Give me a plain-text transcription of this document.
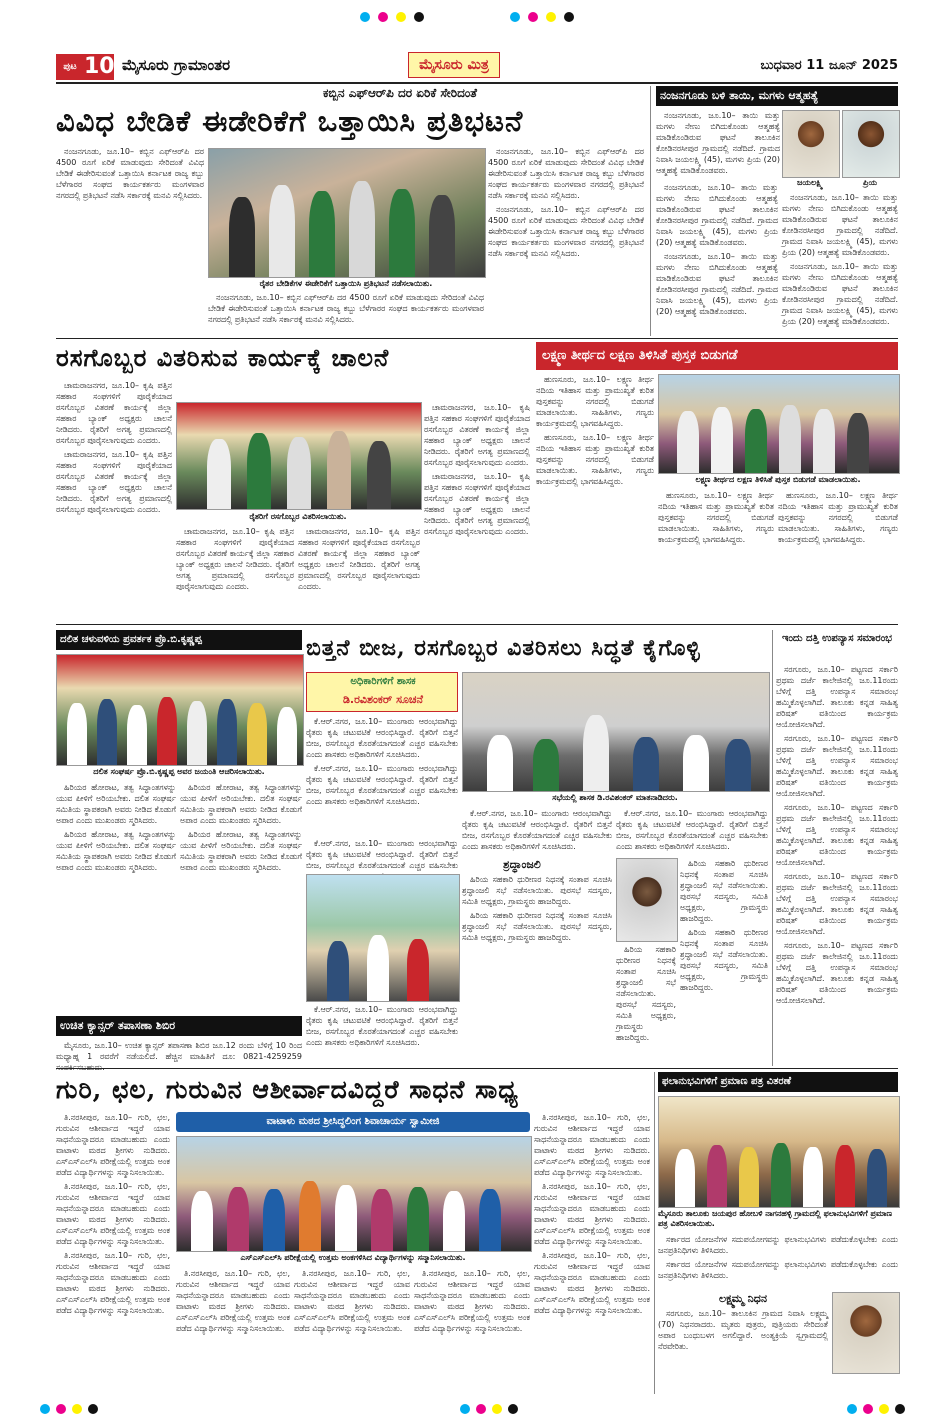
ಪುಟ 10 ಮೈಸೂರು ಗ್ರಾಮಾಂತರ	ಮೈಸೂರು ಮಿತ್ರ	ಬುಧವಾರ 11 ಜೂನ್ 2025
ಕಬ್ಬಿನ ಎಫ್‌ಆರ್‌ಪಿ ದರ ಏರಿಕೆ ಸೇರಿದಂತೆ
ವಿವಿಧ ಬೇಡಿಕೆ ಈಡೇರಿಕೆಗೆ ಒತ್ತಾಯಿಸಿ ಪ್ರತಿಭಟನೆ

ನಂಜನಗೂಡು, ಜೂ.10– ಕಬ್ಬಿನ ಎಫ್‌ಆರ್‌ಪಿ ದರ 4500 ರೂಗೆ ಏರಿಕೆ ಮಾಡುವುದು ಸೇರಿದಂತೆ ವಿವಿಧ ಬೇಡಿಕೆ ಈಡೇರಿಸುವಂತೆ ಒತ್ತಾಯಿಸಿ ಕರ್ನಾಟಕ ರಾಜ್ಯ ಕಬ್ಬು ಬೆಳೆಗಾರರ ಸಂಘದ ಕಾರ್ಯಕರ್ತರು ಮಂಗಳವಾರ ನಗರದಲ್ಲಿ ಪ್ರತಿಭಟನೆ ನಡೆಸಿ ಸರ್ಕಾರಕ್ಕೆ ಮನವಿ ಸಲ್ಲಿಸಿದರು.

ರೈತರ ಬೇಡಿಕೆಗಳ ಈಡೇರಿಕೆಗೆ ಒತ್ತಾಯಿಸಿ ಪ್ರತಿಭಟನೆ ನಡೆಸಲಾಯಿತು.

ನಂಜನಗೂಡು, ಜೂ.10– ಕಬ್ಬಿನ ಎಫ್‌ಆರ್‌ಪಿ ದರ 4500 ರೂಗೆ ಏರಿಕೆ ಮಾಡುವುದು ಸೇರಿದಂತೆ ವಿವಿಧ ಬೇಡಿಕೆ ಈಡೇರಿಸುವಂತೆ ಒತ್ತಾಯಿಸಿ ಕರ್ನಾಟಕ ರಾಜ್ಯ ಕಬ್ಬು ಬೆಳೆಗಾರರ ಸಂಘದ ಕಾರ್ಯಕರ್ತರು ಮಂಗಳವಾರ ನಗರದಲ್ಲಿ ಪ್ರತಿಭಟನೆ ನಡೆಸಿ ಸರ್ಕಾರಕ್ಕೆ ಮನವಿ ಸಲ್ಲಿಸಿದರು.

ನಂಜನಗೂಡು, ಜೂ.10– ಕಬ್ಬಿನ ಎಫ್‌ಆರ್‌ಪಿ ದರ 4500 ರೂಗೆ ಏರಿಕೆ ಮಾಡುವುದು ಸೇರಿದಂತೆ ವಿವಿಧ ಬೇಡಿಕೆ ಈಡೇರಿಸುವಂತೆ ಒತ್ತಾಯಿಸಿ ಕರ್ನಾಟಕ ರಾಜ್ಯ ಕಬ್ಬು ಬೆಳೆಗಾರರ ಸಂಘದ ಕಾರ್ಯಕರ್ತರು ಮಂಗಳವಾರ ನಗರದಲ್ಲಿ ಪ್ರತಿಭಟನೆ ನಡೆಸಿ ಸರ್ಕಾರಕ್ಕೆ ಮನವಿ ಸಲ್ಲಿಸಿದರು.

ನಂಜನಗೂಡು, ಜೂ.10– ಕಬ್ಬಿನ ಎಫ್‌ಆರ್‌ಪಿ ದರ 4500 ರೂಗೆ ಏರಿಕೆ ಮಾಡುವುದು ಸೇರಿದಂತೆ ವಿವಿಧ ಬೇಡಿಕೆ ಈಡೇರಿಸುವಂತೆ ಒತ್ತಾಯಿಸಿ ಕರ್ನಾಟಕ ರಾಜ್ಯ ಕಬ್ಬು ಬೆಳೆಗಾರರ ಸಂಘದ ಕಾರ್ಯಕರ್ತರು ಮಂಗಳವಾರ ನಗರದಲ್ಲಿ ಪ್ರತಿಭಟನೆ ನಡೆಸಿ ಸರ್ಕಾರಕ್ಕೆ ಮನವಿ ಸಲ್ಲಿಸಿದರು.

ನಂಜನಗೂಡು ಬಳಿ ತಾಯಿ, ಮಗಳು ಆತ್ಮಹತ್ಯೆ

ನಂಜನಗೂಡು, ಜೂ.10– ತಾಯಿ ಮತ್ತು ಮಗಳು ನೇಣು ಬಿಗಿದುಕೊಂಡು ಆತ್ಮಹತ್ಯೆ ಮಾಡಿಕೊಂಡಿರುವ ಘಟನೆ ತಾಲೂಕಿನ ಕೋಡಿನರಸೀಪುರ ಗ್ರಾಮದಲ್ಲಿ ನಡೆದಿದೆ. ಗ್ರಾಮದ ನಿವಾಸಿ ಜಯಲಕ್ಷ್ಮಿ (45), ಮಗಳು ಪ್ರಿಯ (20) ಆತ್ಮಹತ್ಯೆ ಮಾಡಿಕೊಂಡವರು.

ಜಯಲಕ್ಷ್ಮಿ	ಪ್ರಿಯ

ನಂಜನಗೂಡು, ಜೂ.10– ತಾಯಿ ಮತ್ತು ಮಗಳು ನೇಣು ಬಿಗಿದುಕೊಂಡು ಆತ್ಮಹತ್ಯೆ ಮಾಡಿಕೊಂಡಿರುವ ಘಟನೆ ತಾಲೂಕಿನ ಕೋಡಿನರಸೀಪುರ ಗ್ರಾಮದಲ್ಲಿ ನಡೆದಿದೆ. ಗ್ರಾಮದ ನಿವಾಸಿ ಜಯಲಕ್ಷ್ಮಿ (45), ಮಗಳು ಪ್ರಿಯ (20) ಆತ್ಮಹತ್ಯೆ ಮಾಡಿಕೊಂಡವರು.

ನಂಜನಗೂಡು, ಜೂ.10– ತಾಯಿ ಮತ್ತು ಮಗಳು ನೇಣು ಬಿಗಿದುಕೊಂಡು ಆತ್ಮಹತ್ಯೆ ಮಾಡಿಕೊಂಡಿರುವ ಘಟನೆ ತಾಲೂಕಿನ ಕೋಡಿನರಸೀಪುರ ಗ್ರಾಮದಲ್ಲಿ ನಡೆದಿದೆ. ಗ್ರಾಮದ ನಿವಾಸಿ ಜಯಲಕ್ಷ್ಮಿ (45), ಮಗಳು ಪ್ರಿಯ (20) ಆತ್ಮಹತ್ಯೆ ಮಾಡಿಕೊಂಡವರು.

ನಂಜನಗೂಡು, ಜೂ.10– ತಾಯಿ ಮತ್ತು ಮಗಳು ನೇಣು ಬಿಗಿದುಕೊಂಡು ಆತ್ಮಹತ್ಯೆ ಮಾಡಿಕೊಂಡಿರುವ ಘಟನೆ ತಾಲೂಕಿನ ಕೋಡಿನರಸೀಪುರ ಗ್ರಾಮದಲ್ಲಿ ನಡೆದಿದೆ. ಗ್ರಾಮದ ನಿವಾಸಿ ಜಯಲಕ್ಷ್ಮಿ (45), ಮಗಳು ಪ್ರಿಯ (20) ಆತ್ಮಹತ್ಯೆ ಮಾಡಿಕೊಂಡವರು.

ನಂಜನಗೂಡು, ಜೂ.10– ತಾಯಿ ಮತ್ತು ಮಗಳು ನೇಣು ಬಿಗಿದುಕೊಂಡು ಆತ್ಮಹತ್ಯೆ ಮಾಡಿಕೊಂಡಿರುವ ಘಟನೆ ತಾಲೂಕಿನ ಕೋಡಿನರಸೀಪುರ ಗ್ರಾಮದಲ್ಲಿ ನಡೆದಿದೆ. ಗ್ರಾಮದ ನಿವಾಸಿ ಜಯಲಕ್ಷ್ಮಿ (45), ಮಗಳು ಪ್ರಿಯ (20) ಆತ್ಮಹತ್ಯೆ ಮಾಡಿಕೊಂಡವರು.

ರಸಗೊಬ್ಬರ ವಿತರಿಸುವ ಕಾರ್ಯಕ್ಕೆ ಚಾಲನೆ

ಚಾಮರಾಜನಗರ, ಜೂ.10– ಕೃಷಿ ಪತ್ತಿನ ಸಹಕಾರ ಸಂಘಗಳಿಗೆ ಪೂರೈಕೆಯಾದ ರಸಗೊಬ್ಬರ ವಿತರಣೆ ಕಾರ್ಯಕ್ಕೆ ಜಿಲ್ಲಾ ಸಹಕಾರ ಬ್ಯಾಂಕ್ ಅಧ್ಯಕ್ಷರು ಚಾಲನೆ ನೀಡಿದರು. ರೈತರಿಗೆ ಅಗತ್ಯ ಪ್ರಮಾಣದಲ್ಲಿ ರಸಗೊಬ್ಬರ ಪೂರೈಸಲಾಗುವುದು ಎಂದರು.

ಚಾಮರಾಜನಗರ, ಜೂ.10– ಕೃಷಿ ಪತ್ತಿನ ಸಹಕಾರ ಸಂಘಗಳಿಗೆ ಪೂರೈಕೆಯಾದ ರಸಗೊಬ್ಬರ ವಿತರಣೆ ಕಾರ್ಯಕ್ಕೆ ಜಿಲ್ಲಾ ಸಹಕಾರ ಬ್ಯಾಂಕ್ ಅಧ್ಯಕ್ಷರು ಚಾಲನೆ ನೀಡಿದರು. ರೈತರಿಗೆ ಅಗತ್ಯ ಪ್ರಮಾಣದಲ್ಲಿ ರಸಗೊಬ್ಬರ ಪೂರೈಸಲಾಗುವುದು ಎಂದರು.

ರೈತರಿಗೆ ರಸಗೊಬ್ಬರ ವಿತರಿಸಲಾಯಿತು.

ಚಾಮರಾಜನಗರ, ಜೂ.10– ಕೃಷಿ ಪತ್ತಿನ ಸಹಕಾರ ಸಂಘಗಳಿಗೆ ಪೂರೈಕೆಯಾದ ರಸಗೊಬ್ಬರ ವಿತರಣೆ ಕಾರ್ಯಕ್ಕೆ ಜಿಲ್ಲಾ ಸಹಕಾರ ಬ್ಯಾಂಕ್ ಅಧ್ಯಕ್ಷರು ಚಾಲನೆ ನೀಡಿದರು. ರೈತರಿಗೆ ಅಗತ್ಯ ಪ್ರಮಾಣದಲ್ಲಿ ರಸಗೊಬ್ಬರ ಪೂರೈಸಲಾಗುವುದು ಎಂದರು.

ಚಾಮರಾಜನಗರ, ಜೂ.10– ಕೃಷಿ ಪತ್ತಿನ ಸಹಕಾರ ಸಂಘಗಳಿಗೆ ಪೂರೈಕೆಯಾದ ರಸಗೊಬ್ಬರ ವಿತರಣೆ ಕಾರ್ಯಕ್ಕೆ ಜಿಲ್ಲಾ ಸಹಕಾರ ಬ್ಯಾಂಕ್ ಅಧ್ಯಕ್ಷರು ಚಾಲನೆ ನೀಡಿದರು. ರೈತರಿಗೆ ಅಗತ್ಯ ಪ್ರಮಾಣದಲ್ಲಿ ರಸಗೊಬ್ಬರ ಪೂರೈಸಲಾಗುವುದು ಎಂದರು.

ಚಾಮರಾಜನಗರ, ಜೂ.10– ಕೃಷಿ ಪತ್ತಿನ ಸಹಕಾರ ಸಂಘಗಳಿಗೆ ಪೂರೈಕೆಯಾದ ರಸಗೊಬ್ಬರ ವಿತರಣೆ ಕಾರ್ಯಕ್ಕೆ ಜಿಲ್ಲಾ ಸಹಕಾರ ಬ್ಯಾಂಕ್ ಅಧ್ಯಕ್ಷರು ಚಾಲನೆ ನೀಡಿದರು. ರೈತರಿಗೆ ಅಗತ್ಯ ಪ್ರಮಾಣದಲ್ಲಿ ರಸಗೊಬ್ಬರ ಪೂರೈಸಲಾಗುವುದು ಎಂದರು.

ಚಾಮರಾಜನಗರ, ಜೂ.10– ಕೃಷಿ ಪತ್ತಿನ ಸಹಕಾರ ಸಂಘಗಳಿಗೆ ಪೂರೈಕೆಯಾದ ರಸಗೊಬ್ಬರ ವಿತರಣೆ ಕಾರ್ಯಕ್ಕೆ ಜಿಲ್ಲಾ ಸಹಕಾರ ಬ್ಯಾಂಕ್ ಅಧ್ಯಕ್ಷರು ಚಾಲನೆ ನೀಡಿದರು. ರೈತರಿಗೆ ಅಗತ್ಯ ಪ್ರಮಾಣದಲ್ಲಿ ರಸಗೊಬ್ಬರ ಪೂರೈಸಲಾಗುವುದು ಎಂದರು.

ಲಕ್ಷ್ಮಣ ತೀರ್ಥದ ಲಕ್ಷಣ ತಿಳಿಸಿತೆ ಪುಸ್ತಕ ಬಿಡುಗಡೆ

ಹುಣಸೂರು, ಜೂ.10– ಲಕ್ಷ್ಮಣ ತೀರ್ಥ ನದಿಯ ಇತಿಹಾಸ ಮತ್ತು ಪ್ರಾಮುಖ್ಯತೆ ಕುರಿತ ಪುಸ್ತಕವನ್ನು ನಗರದಲ್ಲಿ ಬಿಡುಗಡೆ ಮಾಡಲಾಯಿತು. ಸಾಹಿತಿಗಳು, ಗಣ್ಯರು ಕಾರ್ಯಕ್ರಮದಲ್ಲಿ ಭಾಗವಹಿಸಿದ್ದರು.

ಹುಣಸೂರು, ಜೂ.10– ಲಕ್ಷ್ಮಣ ತೀರ್ಥ ನದಿಯ ಇತಿಹಾಸ ಮತ್ತು ಪ್ರಾಮುಖ್ಯತೆ ಕುರಿತ ಪುಸ್ತಕವನ್ನು ನಗರದಲ್ಲಿ ಬಿಡುಗಡೆ ಮಾಡಲಾಯಿತು. ಸಾಹಿತಿಗಳು, ಗಣ್ಯರು ಕಾರ್ಯಕ್ರಮದಲ್ಲಿ ಭಾಗವಹಿಸಿದ್ದರು.	ಲಕ್ಷ್ಮಣ ತೀರ್ಥದ ಲಕ್ಷಣ ತಿಳಿಸಿತೆ ಪುಸ್ತಕ ಬಿಡುಗಡೆ ಮಾಡಲಾಯಿತು.

ಹುಣಸೂರು, ಜೂ.10– ಲಕ್ಷ್ಮಣ ತೀರ್ಥ ನದಿಯ ಇತಿಹಾಸ ಮತ್ತು ಪ್ರಾಮುಖ್ಯತೆ ಕುರಿತ ಪುಸ್ತಕವನ್ನು ನಗರದಲ್ಲಿ ಬಿಡುಗಡೆ ಮಾಡಲಾಯಿತು. ಸಾಹಿತಿಗಳು, ಗಣ್ಯರು ಕಾರ್ಯಕ್ರಮದಲ್ಲಿ ಭಾಗವಹಿಸಿದ್ದರು.

ಹುಣಸೂರು, ಜೂ.10– ಲಕ್ಷ್ಮಣ ತೀರ್ಥ ನದಿಯ ಇತಿಹಾಸ ಮತ್ತು ಪ್ರಾಮುಖ್ಯತೆ ಕುರಿತ ಪುಸ್ತಕವನ್ನು ನಗರದಲ್ಲಿ ಬಿಡುಗಡೆ ಮಾಡಲಾಯಿತು. ಸಾಹಿತಿಗಳು, ಗಣ್ಯರು ಕಾರ್ಯಕ್ರಮದಲ್ಲಿ ಭಾಗವಹಿಸಿದ್ದರು.

ದಲಿತ ಚಳುವಳಿಯ ಪ್ರವರ್ತಕ ಪ್ರೊ.ಬಿ.ಕೃಷ್ಣಪ್ಪ
ದಲಿತ ಸಂಘರ್ಷ ಪ್ರೊ.ಬಿ.ಕೃಷ್ಣಪ್ಪ ಅವರ ಜಯಂತಿ ಆಚರಿಸಲಾಯಿತು.

ಹಿರಿಯರ ಹೋರಾಟ, ತತ್ವ ಸಿದ್ಧಾಂತಗಳನ್ನು ಯುವ ಪೀಳಿಗೆ ಅರಿಯಬೇಕು. ದಲಿತ ಸಂಘರ್ಷ ಸಮಿತಿಯ ಸ್ಥಾಪಕರಾಗಿ ಅವರು ನೀಡಿದ ಕೊಡುಗೆ ಅಪಾರ ಎಂದು ಮುಖಂಡರು ಸ್ಮರಿಸಿದರು.

ಹಿರಿಯರ ಹೋರಾಟ, ತತ್ವ ಸಿದ್ಧಾಂತಗಳನ್ನು ಯುವ ಪೀಳಿಗೆ ಅರಿಯಬೇಕು. ದಲಿತ ಸಂಘರ್ಷ ಸಮಿತಿಯ ಸ್ಥಾಪಕರಾಗಿ ಅವರು ನೀಡಿದ ಕೊಡುಗೆ ಅಪಾರ ಎಂದು ಮುಖಂಡರು ಸ್ಮರಿಸಿದರು.

ಹಿರಿಯರ ಹೋರಾಟ, ತತ್ವ ಸಿದ್ಧಾಂತಗಳನ್ನು ಯುವ ಪೀಳಿಗೆ ಅರಿಯಬೇಕು. ದಲಿತ ಸಂಘರ್ಷ ಸಮಿತಿಯ ಸ್ಥಾಪಕರಾಗಿ ಅವರು ನೀಡಿದ ಕೊಡುಗೆ ಅಪಾರ ಎಂದು ಮುಖಂಡರು ಸ್ಮರಿಸಿದರು.

ಹಿರಿಯರ ಹೋರಾಟ, ತತ್ವ ಸಿದ್ಧಾಂತಗಳನ್ನು ಯುವ ಪೀಳಿಗೆ ಅರಿಯಬೇಕು. ದಲಿತ ಸಂಘರ್ಷ ಸಮಿತಿಯ ಸ್ಥಾಪಕರಾಗಿ ಅವರು ನೀಡಿದ ಕೊಡುಗೆ ಅಪಾರ ಎಂದು ಮುಖಂಡರು ಸ್ಮರಿಸಿದರು.

ಉಚಿತ ಕ್ಯಾನ್ಸರ್ ತಪಾಸಣಾ ಶಿಬಿರ
ಮೈಸೂರು, ಜೂ.10– ಉಚಿತ ಕ್ಯಾನ್ಸರ್ ತಪಾಸಣಾ ಶಿಬಿರ ಜೂ.12 ರಂದು ಬೆಳಿಗ್ಗೆ 10 ರಿಂದ ಮಧ್ಯಾಹ್ನ 1 ರವರೆಗೆ ನಡೆಯಲಿದೆ. ಹೆಚ್ಚಿನ ಮಾಹಿತಿಗೆ ದೂ: 0821-4259259
ಬಿತ್ತನೆ ಬೀಜ, ರಸಗೊಬ್ಬರ ವಿತರಿಸಲು ಸಿದ್ಧತೆ ಕೈಗೊಳ್ಳಿ
ಅಧಿಕಾರಿಗಳಿಗೆ ಶಾಸಕ
ಡಿ.ರವಿಶಂಕರ್ ಸೂಚನೆ

ಕೆ.ಆರ್.ನಗರ, ಜೂ.10– ಮುಂಗಾರು ಆರಂಭವಾಗಿದ್ದು ರೈತರು ಕೃಷಿ ಚಟುವಟಿಕೆ ಆರಂಭಿಸಿದ್ದಾರೆ. ರೈತರಿಗೆ ಬಿತ್ತನೆ ಬೀಜ, ರಸಗೊಬ್ಬರ ಕೊರತೆಯಾಗದಂತೆ ಎಚ್ಚರ ವಹಿಸಬೇಕು ಎಂದು ಶಾಸಕರು ಅಧಿಕಾರಿಗಳಿಗೆ ಸೂಚಿಸಿದರು.

ಕೆ.ಆರ್.ನಗರ, ಜೂ.10– ಮುಂಗಾರು ಆರಂಭವಾಗಿದ್ದು ರೈತರು ಕೃಷಿ ಚಟುವಟಿಕೆ ಆರಂಭಿಸಿದ್ದಾರೆ. ರೈತರಿಗೆ ಬಿತ್ತನೆ ಬೀಜ, ರಸಗೊಬ್ಬರ ಕೊರತೆಯಾಗದಂತೆ ಎಚ್ಚರ ವಹಿಸಬೇಕು ಎಂದು ಶಾಸಕರು ಅಧಿಕಾರಿಗಳಿಗೆ ಸೂಚಿಸಿದರು.	ಸಭೆಯಲ್ಲಿ ಶಾಸಕ ಡಿ.ರವಿಶಂಕರ್ ಮಾತನಾಡಿದರು.

ಕೆ.ಆರ್.ನಗರ, ಜೂ.10– ಮುಂಗಾರು ಆರಂಭವಾಗಿದ್ದು ರೈತರು ಕೃಷಿ ಚಟುವಟಿಕೆ ಆರಂಭಿಸಿದ್ದಾರೆ. ರೈತರಿಗೆ ಬಿತ್ತನೆ ಬೀಜ, ರಸಗೊಬ್ಬರ ಕೊರತೆಯಾಗದಂತೆ ಎಚ್ಚರ ವಹಿಸಬೇಕು ಎಂದು ಶಾಸಕರು ಅಧಿಕಾರಿಗಳಿಗೆ ಸೂಚಿಸಿದರು.

ಕೆ.ಆರ್.ನಗರ, ಜೂ.10– ಮುಂಗಾರು ಆರಂಭವಾಗಿದ್ದು ರೈತರು ಕೃಷಿ ಚಟುವಟಿಕೆ ಆರಂಭಿಸಿದ್ದಾರೆ. ರೈತರಿಗೆ ಬಿತ್ತನೆ ಬೀಜ, ರಸಗೊಬ್ಬರ ಕೊರತೆಯಾಗದಂತೆ ಎಚ್ಚರ ವಹಿಸಬೇಕು ಎಂದು ಶಾಸಕರು ಅಧಿಕಾರಿಗಳಿಗೆ ಸೂಚಿಸಿದರು.

ಕೆ.ಆರ್.ನಗರ, ಜೂ.10– ಮುಂಗಾರು ಆರಂಭವಾಗಿದ್ದು ರೈತರು ಕೃಷಿ ಚಟುವಟಿಕೆ ಆರಂಭಿಸಿದ್ದಾರೆ. ರೈತರಿಗೆ ಬಿತ್ತನೆ ಬೀಜ, ರಸಗೊಬ್ಬರ ಕೊರತೆಯಾಗದಂತೆ ಎಚ್ಚರ ವಹಿಸಬೇಕು	ಶ್ರದ್ಧಾಂಜಲಿ

ಹಿರಿಯ ಸಹಕಾರಿ ಧುರೀಣರ ನಿಧನಕ್ಕೆ ಸಂತಾಪ ಸೂಚಿಸಿ ಶ್ರದ್ಧಾಂಜಲಿ ಸಭೆ ನಡೆಸಲಾಯಿತು. ಪುರಸಭೆ ಸದಸ್ಯರು, ಸಮಿತಿ ಅಧ್ಯಕ್ಷರು, ಗ್ರಾಮಸ್ಥರು ಹಾಜರಿದ್ದರು.

ಹಿರಿಯ ಸಹಕಾರಿ ಧುರೀಣರ ನಿಧನಕ್ಕೆ ಸಂತಾಪ ಸೂಚಿಸಿ ಶ್ರದ್ಧಾಂಜಲಿ ಸಭೆ ನಡೆಸಲಾಯಿತು. ಪುರಸಭೆ ಸದಸ್ಯರು, ಸಮಿತಿ ಅಧ್ಯಕ್ಷರು, ಗ್ರಾಮಸ್ಥರು ಹಾಜರಿದ್ದರು.

ಹಿರಿಯ ಸಹಕಾರಿ ಧುರೀಣರ ನಿಧನಕ್ಕೆ ಸಂತಾಪ ಸೂಚಿಸಿ ಶ್ರದ್ಧಾಂಜಲಿ ಸಭೆ ನಡೆಸಲಾಯಿತು. ಪುರಸಭೆ ಸದಸ್ಯರು, ಸಮಿತಿ ಅಧ್ಯಕ್ಷರು, ಗ್ರಾಮಸ್ಥರು ಹಾಜರಿದ್ದರು.

ಹಿರಿಯ ಸಹಕಾರಿ ಧುರೀಣರ ನಿಧನಕ್ಕೆ ಸಂತಾಪ ಸೂಚಿಸಿ ಶ್ರದ್ಧಾಂಜಲಿ ಸಭೆ ನಡೆಸಲಾಯಿತು. ಪುರಸಭೆ ಸದಸ್ಯರು, ಸಮಿತಿ ಅಧ್ಯಕ್ಷರು, ಗ್ರಾಮಸ್ಥರು ಹಾಜರಿದ್ದರು.

ಹಿರಿಯ ಸಹಕಾರಿ ಧುರೀಣರ ನಿಧನಕ್ಕೆ ಸಂತಾಪ ಸೂಚಿಸಿ ಶ್ರದ್ಧಾಂಜಲಿ ಸಭೆ ನಡೆಸಲಾಯಿತು. ಪುರಸಭೆ ಸದಸ್ಯರು, ಸಮಿತಿ ಅಧ್ಯಕ್ಷರು, ಗ್ರಾಮಸ್ಥರು ಹಾಜರಿದ್ದರು.

ಕೆ.ಆರ್.ನಗರ, ಜೂ.10– ಮುಂಗಾರು ಆರಂಭವಾಗಿದ್ದು ರೈತರು ಕೃಷಿ ಚಟುವಟಿಕೆ ಆರಂಭಿಸಿದ್ದಾರೆ. ರೈತರಿಗೆ ಬಿತ್ತನೆ ಬೀಜ, ರಸಗೊಬ್ಬರ ಕೊರತೆಯಾಗದಂತೆ ಎಚ್ಚರ ವಹಿಸಬೇಕು ಎಂದು ಶಾಸಕರು ಅಧಿಕಾರಿಗಳಿಗೆ ಸೂಚಿಸಿದರು.

ಇಂದು ದತ್ತಿ ಉಪನ್ಯಾಸ ಸಮಾರಂಭ

ಸರಗೂರು, ಜೂ.10– ಪಟ್ಟಣದ ಸರ್ಕಾರಿ ಪ್ರಥಮ ದರ್ಜೆ ಕಾಲೇಜಿನಲ್ಲಿ ಜೂ.11ರಂದು ಬೆಳಿಗ್ಗೆ ದತ್ತಿ ಉಪನ್ಯಾಸ ಸಮಾರಂಭ ಹಮ್ಮಿಕೊಳ್ಳಲಾಗಿದೆ. ತಾಲೂಕು ಕನ್ನಡ ಸಾಹಿತ್ಯ ಪರಿಷತ್ ವತಿಯಿಂದ ಕಾರ್ಯಕ್ರಮ ಆಯೋಜಿಸಲಾಗಿದೆ.

ಸರಗೂರು, ಜೂ.10– ಪಟ್ಟಣದ ಸರ್ಕಾರಿ ಪ್ರಥಮ ದರ್ಜೆ ಕಾಲೇಜಿನಲ್ಲಿ ಜೂ.11ರಂದು ಬೆಳಿಗ್ಗೆ ದತ್ತಿ ಉಪನ್ಯಾಸ ಸಮಾರಂಭ ಹಮ್ಮಿಕೊಳ್ಳಲಾಗಿದೆ. ತಾಲೂಕು ಕನ್ನಡ ಸಾಹಿತ್ಯ ಪರಿಷತ್ ವತಿಯಿಂದ ಕಾರ್ಯಕ್ರಮ ಆಯೋಜಿಸಲಾಗಿದೆ.

ಸರಗೂರು, ಜೂ.10– ಪಟ್ಟಣದ ಸರ್ಕಾರಿ ಪ್ರಥಮ ದರ್ಜೆ ಕಾಲೇಜಿನಲ್ಲಿ ಜೂ.11ರಂದು ಬೆಳಿಗ್ಗೆ ದತ್ತಿ ಉಪನ್ಯಾಸ ಸಮಾರಂಭ ಹಮ್ಮಿಕೊಳ್ಳಲಾಗಿದೆ. ತಾಲೂಕು ಕನ್ನಡ ಸಾಹಿತ್ಯ ಪರಿಷತ್ ವತಿಯಿಂದ ಕಾರ್ಯಕ್ರಮ ಆಯೋಜಿಸಲಾಗಿದೆ.

ಸರಗೂರು, ಜೂ.10– ಪಟ್ಟಣದ ಸರ್ಕಾರಿ ಪ್ರಥಮ ದರ್ಜೆ ಕಾಲೇಜಿನಲ್ಲಿ ಜೂ.11ರಂದು ಬೆಳಿಗ್ಗೆ ದತ್ತಿ ಉಪನ್ಯಾಸ ಸಮಾರಂಭ ಹಮ್ಮಿಕೊಳ್ಳಲಾಗಿದೆ. ತಾಲೂಕು ಕನ್ನಡ ಸಾಹಿತ್ಯ ಪರಿಷತ್ ವತಿಯಿಂದ ಕಾರ್ಯಕ್ರಮ ಆಯೋಜಿಸಲಾಗಿದೆ.

ಸರಗೂರು, ಜೂ.10– ಪಟ್ಟಣದ ಸರ್ಕಾರಿ ಪ್ರಥಮ ದರ್ಜೆ ಕಾಲೇಜಿನಲ್ಲಿ ಜೂ.11ರಂದು ಬೆಳಿಗ್ಗೆ ದತ್ತಿ ಉಪನ್ಯಾಸ ಸಮಾರಂಭ ಹಮ್ಮಿಕೊಳ್ಳಲಾಗಿದೆ. ತಾಲೂಕು ಕನ್ನಡ ಸಾಹಿತ್ಯ ಪರಿಷತ್ ವತಿಯಿಂದ ಕಾರ್ಯಕ್ರಮ ಆಯೋಜಿಸಲಾಗಿದೆ.

ಗುರಿ, ಛಲ, ಗುರುವಿನ ಆಶೀರ್ವಾದವಿದ್ದರೆ ಸಾಧನೆ ಸಾಧ್ಯ

ತಿ.ನರಸೀಪುರ, ಜೂ.10– ಗುರಿ, ಛಲ, ಗುರುವಿನ ಆಶೀರ್ವಾದ ಇದ್ದರೆ ಯಾವ ಸಾಧನೆಯನ್ನಾದರೂ ಮಾಡಬಹುದು ಎಂದು ವಾಟಾಳು ಮಠದ ಶ್ರೀಗಳು ನುಡಿದರು. ಎಸ್ಎಸ್ಎಲ್‌ಸಿ ಪರೀಕ್ಷೆಯಲ್ಲಿ ಉತ್ತಮ ಅಂಕ ಪಡೆದ ವಿದ್ಯಾರ್ಥಿಗಳನ್ನು ಸನ್ಮಾನಿಸಲಾಯಿತು.

ತಿ.ನರಸೀಪುರ, ಜೂ.10– ಗುರಿ, ಛಲ, ಗುರುವಿನ ಆಶೀರ್ವಾದ ಇದ್ದರೆ ಯಾವ ಸಾಧನೆಯನ್ನಾದರೂ ಮಾಡಬಹುದು ಎಂದು ವಾಟಾಳು ಮಠದ ಶ್ರೀಗಳು ನುಡಿದರು. ಎಸ್ಎಸ್ಎಲ್‌ಸಿ ಪರೀಕ್ಷೆಯಲ್ಲಿ ಉತ್ತಮ ಅಂಕ ಪಡೆದ ವಿದ್ಯಾರ್ಥಿಗಳನ್ನು ಸನ್ಮಾನಿಸಲಾಯಿತು.

ತಿ.ನರಸೀಪುರ, ಜೂ.10– ಗುರಿ, ಛಲ, ಗುರುವಿನ ಆಶೀರ್ವಾದ ಇದ್ದರೆ ಯಾವ ಸಾಧನೆಯನ್ನಾದರೂ ಮಾಡಬಹುದು ಎಂದು ವಾಟಾಳು ಮಠದ ಶ್ರೀಗಳು ನುಡಿದರು. ಎಸ್ಎಸ್ಎಲ್‌ಸಿ ಪರೀಕ್ಷೆಯಲ್ಲಿ ಉತ್ತಮ ಅಂಕ ಪಡೆದ ವಿದ್ಯಾರ್ಥಿಗಳನ್ನು ಸನ್ಮಾನಿಸಲಾಯಿತು.

ವಾಟಾಳು ಮಠದ ಶ್ರೀಸಿದ್ಧಲಿಂಗ ಶಿವಾಚಾರ್ಯ ಸ್ವಾಮೀಜಿ
ಎಸ್ಎಸ್ಎಲ್‌ಸಿ ಪರೀಕ್ಷೆಯಲ್ಲಿ ಉತ್ತಮ ಅಂಕಗಳಿಸಿದ ವಿದ್ಯಾರ್ಥಿಗಳನ್ನು ಸನ್ಮಾನಿಸಲಾಯಿತು.

ತಿ.ನರಸೀಪುರ, ಜೂ.10– ಗುರಿ, ಛಲ, ಗುರುವಿನ ಆಶೀರ್ವಾದ ಇದ್ದರೆ ಯಾವ ಸಾಧನೆಯನ್ನಾದರೂ ಮಾಡಬಹುದು ಎಂದು ವಾಟಾಳು ಮಠದ ಶ್ರೀಗಳು ನುಡಿದರು. ಎಸ್ಎಸ್ಎಲ್‌ಸಿ ಪರೀಕ್ಷೆಯಲ್ಲಿ ಉತ್ತಮ ಅಂಕ ಪಡೆದ ವಿದ್ಯಾರ್ಥಿಗಳನ್ನು ಸನ್ಮಾನಿಸಲಾಯಿತು.

ತಿ.ನರಸೀಪುರ, ಜೂ.10– ಗುರಿ, ಛಲ, ಗುರುವಿನ ಆಶೀರ್ವಾದ ಇದ್ದರೆ ಯಾವ ಸಾಧನೆಯನ್ನಾದರೂ ಮಾಡಬಹುದು ಎಂದು ವಾಟಾಳು ಮಠದ ಶ್ರೀಗಳು ನುಡಿದರು. ಎಸ್ಎಸ್ಎಲ್‌ಸಿ ಪರೀಕ್ಷೆಯಲ್ಲಿ ಉತ್ತಮ ಅಂಕ ಪಡೆದ ವಿದ್ಯಾರ್ಥಿಗಳನ್ನು ಸನ್ಮಾನಿಸಲಾಯಿತು.

ತಿ.ನರಸೀಪುರ, ಜೂ.10– ಗುರಿ, ಛಲ, ಗುರುವಿನ ಆಶೀರ್ವಾದ ಇದ್ದರೆ ಯಾವ ಸಾಧನೆಯನ್ನಾದರೂ ಮಾಡಬಹುದು ಎಂದು ವಾಟಾಳು ಮಠದ ಶ್ರೀಗಳು ನುಡಿದರು. ಎಸ್ಎಸ್ಎಲ್‌ಸಿ ಪರೀಕ್ಷೆಯಲ್ಲಿ ಉತ್ತಮ ಅಂಕ ಪಡೆದ ವಿದ್ಯಾರ್ಥಿಗಳನ್ನು ಸನ್ಮಾನಿಸಲಾಯಿತು.

ತಿ.ನರಸೀಪುರ, ಜೂ.10– ಗುರಿ, ಛಲ, ಗುರುವಿನ ಆಶೀರ್ವಾದ ಇದ್ದರೆ ಯಾವ ಸಾಧನೆಯನ್ನಾದರೂ ಮಾಡಬಹುದು ಎಂದು ವಾಟಾಳು ಮಠದ ಶ್ರೀಗಳು ನುಡಿದರು. ಎಸ್ಎಸ್ಎಲ್‌ಸಿ ಪರೀಕ್ಷೆಯಲ್ಲಿ ಉತ್ತಮ ಅಂಕ ಪಡೆದ ವಿದ್ಯಾರ್ಥಿಗಳನ್ನು ಸನ್ಮಾನಿಸಲಾಯಿತು.

ತಿ.ನರಸೀಪುರ, ಜೂ.10– ಗುರಿ, ಛಲ, ಗುರುವಿನ ಆಶೀರ್ವಾದ ಇದ್ದರೆ ಯಾವ ಸಾಧನೆಯನ್ನಾದರೂ ಮಾಡಬಹುದು ಎಂದು ವಾಟಾಳು ಮಠದ ಶ್ರೀಗಳು ನುಡಿದರು. ಎಸ್ಎಸ್ಎಲ್‌ಸಿ ಪರೀಕ್ಷೆಯಲ್ಲಿ ಉತ್ತಮ ಅಂಕ ಪಡೆದ ವಿದ್ಯಾರ್ಥಿಗಳನ್ನು ಸನ್ಮಾನಿಸಲಾಯಿತು.

ತಿ.ನರಸೀಪುರ, ಜೂ.10– ಗುರಿ, ಛಲ, ಗುರುವಿನ ಆಶೀರ್ವಾದ ಇದ್ದರೆ ಯಾವ ಸಾಧನೆಯನ್ನಾದರೂ ಮಾಡಬಹುದು ಎಂದು ವಾಟಾಳು ಮಠದ ಶ್ರೀಗಳು ನುಡಿದರು. ಎಸ್ಎಸ್ಎಲ್‌ಸಿ ಪರೀಕ್ಷೆಯಲ್ಲಿ ಉತ್ತಮ ಅಂಕ ಪಡೆದ ವಿದ್ಯಾರ್ಥಿಗಳನ್ನು ಸನ್ಮಾನಿಸಲಾಯಿತು.

ಫಲಾನುಭವಿಗಳಿಗೆ ಪ್ರಮಾಣ ಪತ್ರ ವಿತರಣೆ
ಮೈಸೂರು ತಾಲೂಕು ಜಯಪುರ ಹೋಬಳಿ ನಾಗನಹಳ್ಳಿ ಗ್ರಾಮದಲ್ಲಿ ಫಲಾನುಭವಿಗಳಿಗೆ ಪ್ರಮಾಣ ಪತ್ರ ವಿತರಿಸಲಾಯಿತು.

ಸರ್ಕಾರದ ಯೋಜನೆಗಳ ಸದುಪಯೋಗವನ್ನು ಫಲಾನುಭವಿಗಳು ಪಡೆದುಕೊಳ್ಳಬೇಕು ಎಂದು ಜನಪ್ರತಿನಿಧಿಗಳು ತಿಳಿಸಿದರು.

ಸರ್ಕಾರದ ಯೋಜನೆಗಳ ಸದುಪಯೋಗವನ್ನು ಫಲಾನುಭವಿಗಳು ಪಡೆದುಕೊಳ್ಳಬೇಕು ಎಂದು ಜನಪ್ರತಿನಿಧಿಗಳು ತಿಳಿಸಿದರು.

ಲಕ್ಷ್ಮಮ್ಮ ನಿಧನ

ಸರಗೂರು, ಜೂ.10– ತಾಲೂಕಿನ ಗ್ರಾಮದ ನಿವಾಸಿ ಲಕ್ಷ್ಮಮ್ಮ (70) ನಿಧನರಾದರು. ಮೃತರು ಪುತ್ರರು, ಪುತ್ರಿಯರು ಸೇರಿದಂತೆ ಅಪಾರ ಬಂಧುಬಳಗ ಅಗಲಿದ್ದಾರೆ. ಅಂತ್ಯಕ್ರಿಯೆ ಸ್ವಗ್ರಾಮದಲ್ಲಿ ನೆರವೇರಿತು.
